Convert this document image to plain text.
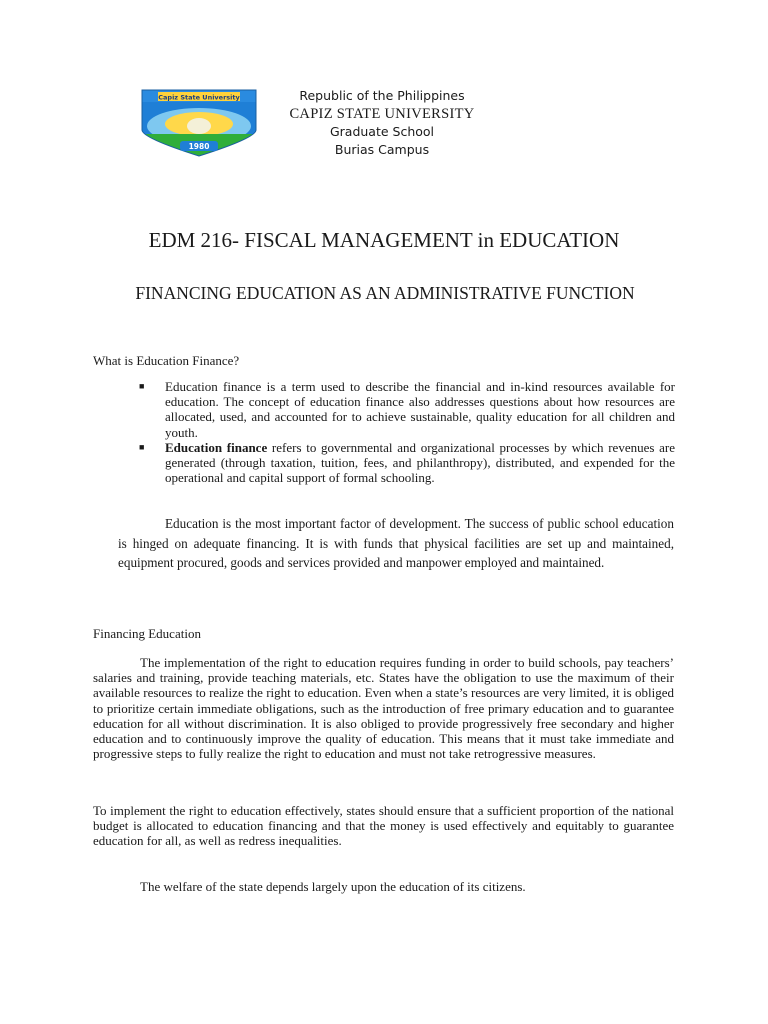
Capiz State University
1980
Republic of the Philippines
CAPIZ STATE UNIVERSITY
Graduate School
Burias Campus
EDM 216- FISCAL MANAGEMENT in EDUCATION
FINANCING EDUCATION AS AN ADMINISTRATIVE FUNCTION
What is Education Finance?
■ Education finance is a term used to describe the financial and in-kind resources available for education. The concept of education finance also addresses questions about how resources are allocated, used, and accounted for to achieve sustainable, quality education for all children and youth.
■ Education finance refers to governmental and organizational processes by which revenues are generated (through taxation, tuition, fees, and philanthropy), distributed, and expended for the operational and capital support of formal schooling.
Education is the most important factor of development. The success of public school education is hinged on adequate financing. It is with funds that physical facilities are set up and maintained, equipment procured, goods and services provided and manpower employed and maintained.
Financing Education
The implementation of the right to education requires funding in order to build schools, pay teachers’ salaries and training, provide teaching materials, etc. States have the obligation to use the maximum of their available resources to realize the right to education. Even when a state’s resources are very limited, it is obliged to prioritize certain immediate obligations, such as the introduction of free primary education and to guarantee education for all without discrimination. It is also obliged to provide progressively free secondary and higher education and to continuously improve the quality of education. This means that it must take immediate and progressive steps to fully realize the right to education and must not take retrogressive measures.
To implement the right to education effectively, states should ensure that a sufficient proportion of the national budget is allocated to education financing and that the money is used effectively and equitably to guarantee education for all, as well as redress inequalities.
The welfare of the state depends largely upon the education of its citizens.
